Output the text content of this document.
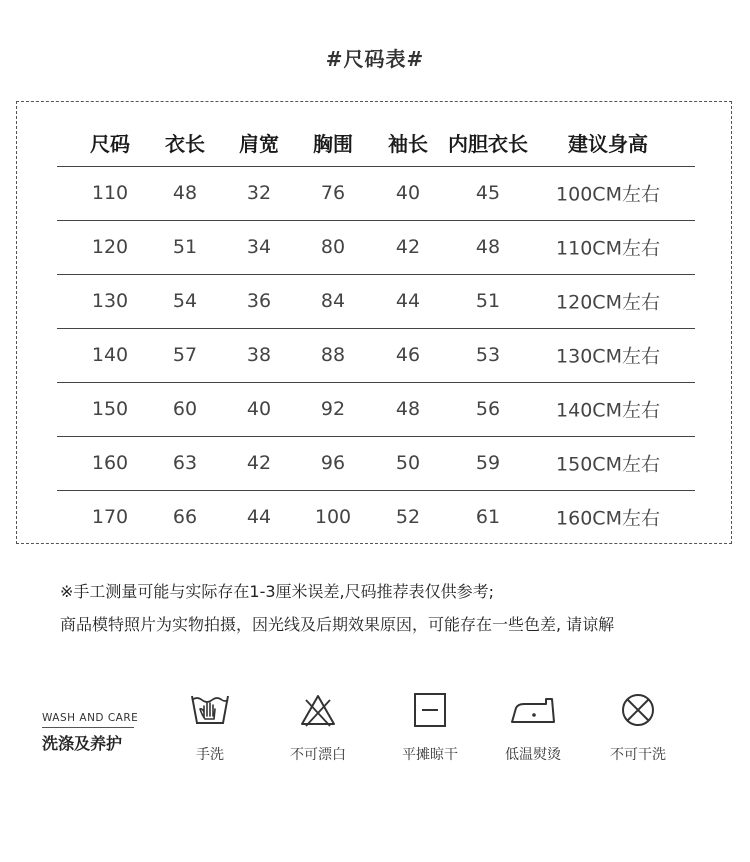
#尺码表#
尺码 衣长 肩宽 胸围 袖长 内胆衣长 建议身高
110 48	32	76	40	45	100CM左右
120 51	34	80	42	48	110CM左右
130 54	36	84	44	51	120CM左右
140 57	38	88	46	53	130CM左右
150 60	40	92	48	56	140CM左右
160 63	42	96	50	59	150CM左右
170 66	44 100 52	61	160CM左右
※手工测量可能与实际存在1-3厘米误差,尺码推荐表仅供参考;
商品模特照片为实物拍摄，因光线及后期效果原因，可能存在一些色差, 请谅解
WASH AND CARE
洗涤及养护
手洗	不可漂白	平摊晾干	低温熨烫	不可干洗
